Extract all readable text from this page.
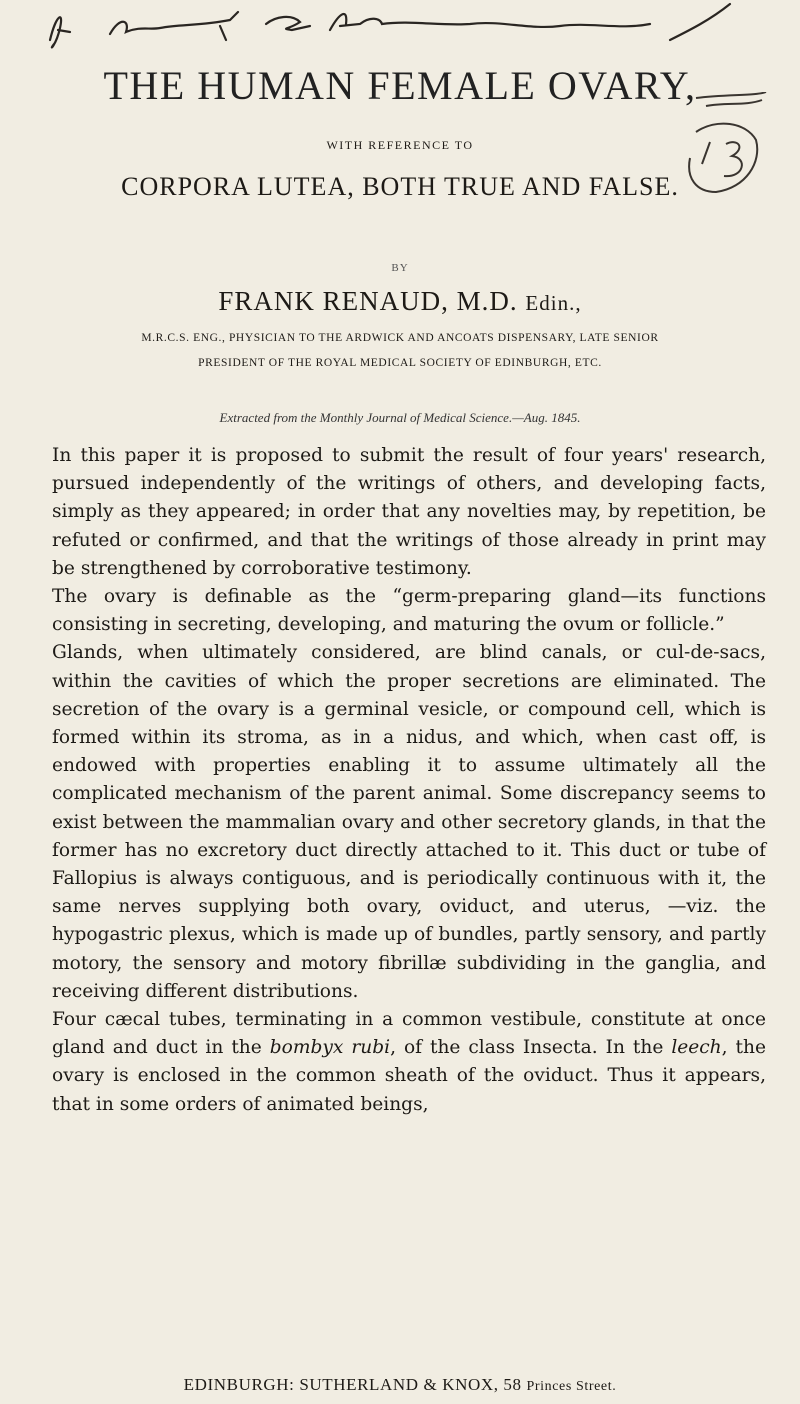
THE HUMAN FEMALE OVARY,
WITH REFERENCE TO
CORPORA LUTEA, BOTH TRUE AND FALSE.
BY
FRANK RENAUD, M.D. Edin.,
M.R.C.S. ENG., PHYSICIAN TO THE ARDWICK AND ANCOATS DISPENSARY, LATE SENIOR
PRESIDENT OF THE ROYAL MEDICAL SOCIETY OF EDINBURGH, ETC.
Extracted from the Monthly Journal of Medical Science.—Aug. 1845.

In this paper it is proposed to submit the result of four years' research, pursued independently of the writings of others, and developing facts, simply as they appeared; in order that any novelties may, by repetition, be refuted or confirmed, and that the writings of those already in print may be strengthened by corroborative testimony.

The ovary is definable as the “germ-preparing gland—its functions consisting in secreting, developing, and maturing the ovum or follicle.”

Glands, when ultimately considered, are blind canals, or cul-de-sacs, within the cavities of which the proper secretions are eliminated. The secretion of the ovary is a germinal vesicle, or compound cell, which is formed within its stroma, as in a nidus, and which, when cast off, is endowed with properties enabling it to assume ultimately all the complicated mechanism of the parent animal. Some discrepancy seems to exist between the mammalian ovary and other secretory glands, in that the former has no excretory duct directly attached to it. This duct or tube of Fallopius is always contiguous, and is periodically continuous with it, the same nerves supplying both ovary, oviduct, and uterus, —viz. the hypogastric plexus, which is made up of bundles, partly sensory, and partly motory, the sensory and motory fibrillæ subdividing in the ganglia, and receiving different distributions.

Four cæcal tubes, terminating in a common vestibule, constitute at once gland and duct in the bombyx rubi, of the class Insecta. In the leech, the ovary is enclosed in the common sheath of the oviduct. Thus it appears, that in some orders of animated beings,

EDINBURGH: SUTHERLAND & KNOX, 58 Princes Street.
